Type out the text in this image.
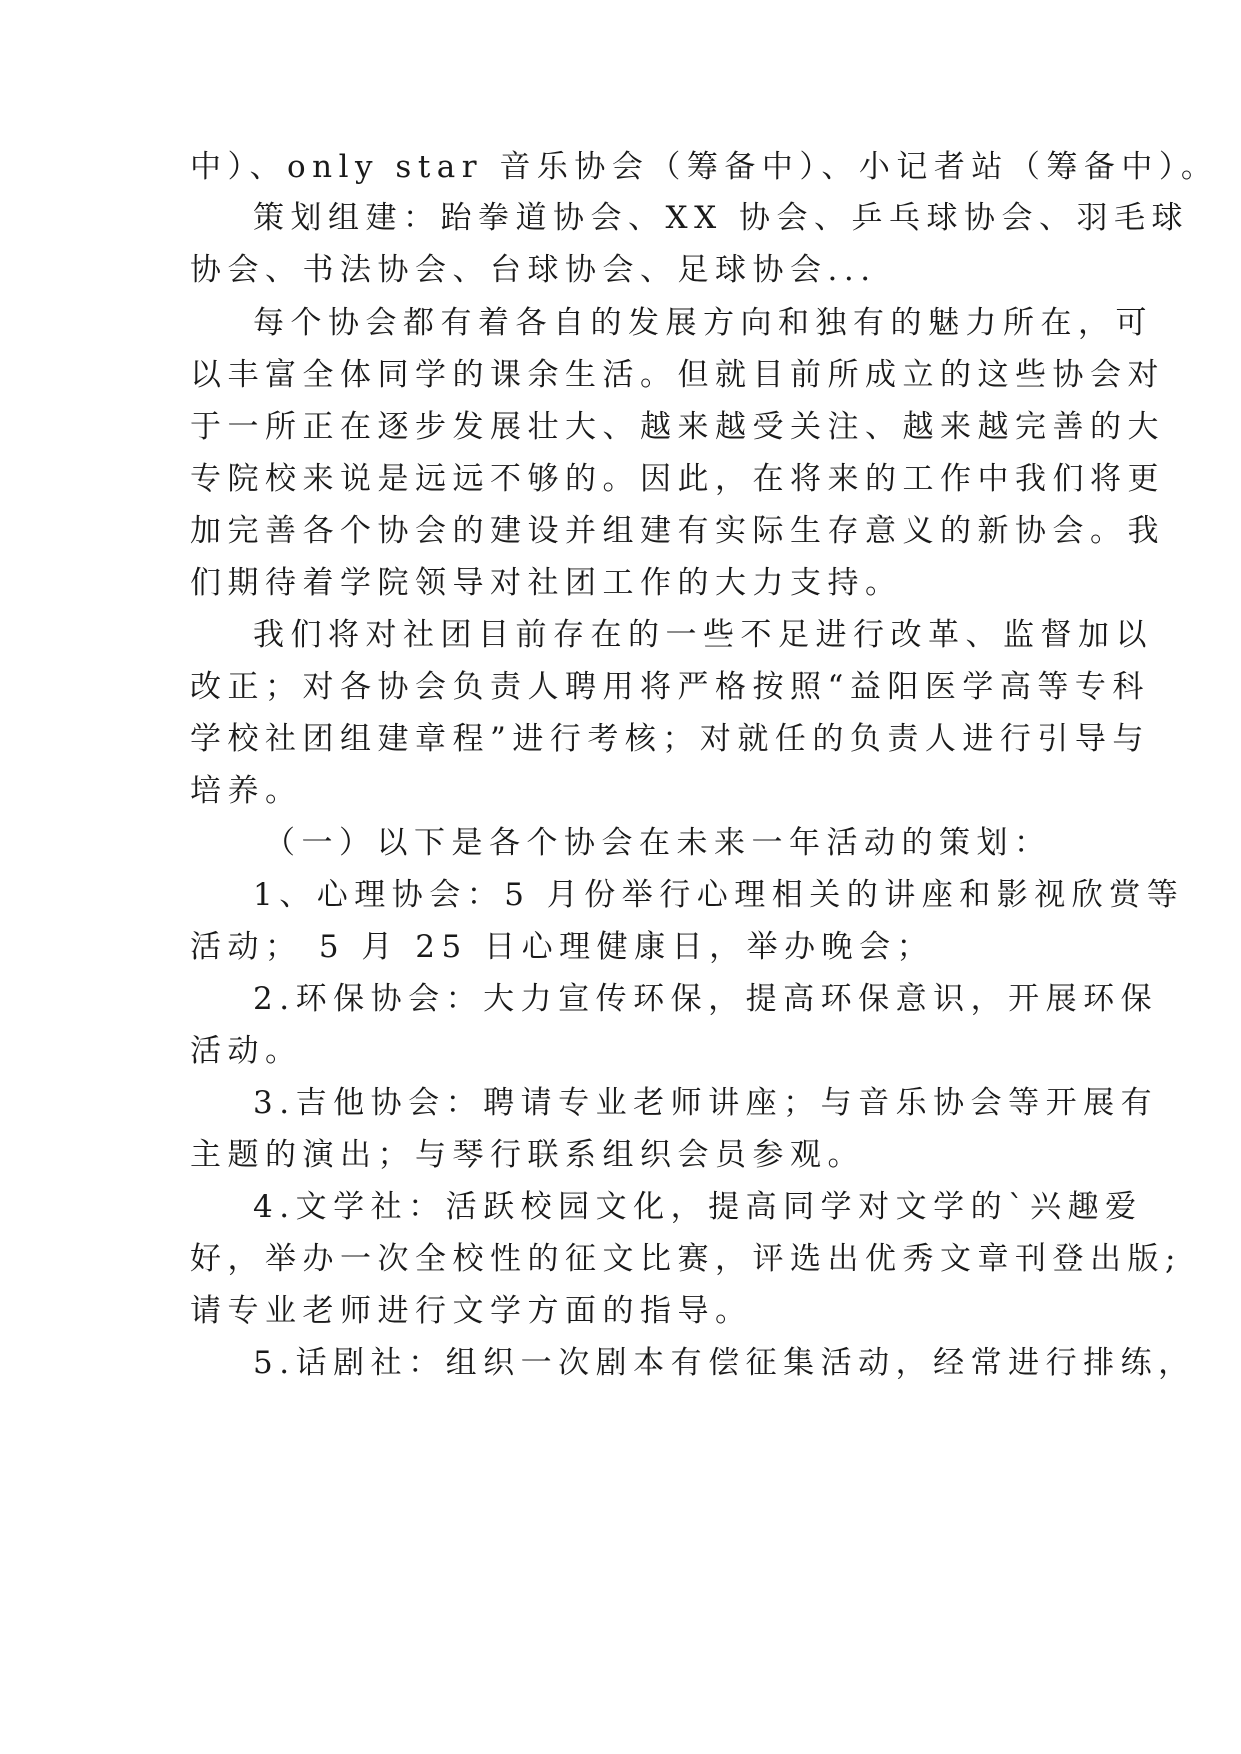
中）、only star 音乐协会（筹备中）、小记者站（筹备中）。
策划组建：跆拳道协会、XX 协会、乒乓球协会、羽毛球
协会、书法协会、台球协会、足球协会...
每个协会都有着各自的发展方向和独有的魅力所在，可
以丰富全体同学的课余生活。但就目前所成立的这些协会对
于一所正在逐步发展壮大、越来越受关注、越来越完善的大
专院校来说是远远不够的。因此，在将来的工作中我们将更
加完善各个协会的建设并组建有实际生存意义的新协会。我
们期待着学院领导对社团工作的大力支持。
我们将对社团目前存在的一些不足进行改革、监督加以
改正；对各协会负责人聘用将严格按照“益阳医学高等专科
学校社团组建章程”进行考核；对就任的负责人进行引导与
培养。
（一）以下是各个协会在未来一年活动的策划：
1、心理协会：5 月份举行心理相关的讲座和影视欣赏等
活动； 5 月 25 日心理健康日，举办晚会；
2.环保协会：大力宣传环保，提高环保意识，开展环保
活动。
3.吉他协会：聘请专业老师讲座；与音乐协会等开展有
主题的演出；与琴行联系组织会员参观。
4.文学社：活跃校园文化，提高同学对文学的`兴趣爱
好，举办一次全校性的征文比赛，评选出优秀文章刊登出版;
请专业老师进行文学方面的指导。
5.话剧社：组织一次剧本有偿征集活动，经常进行排练，
